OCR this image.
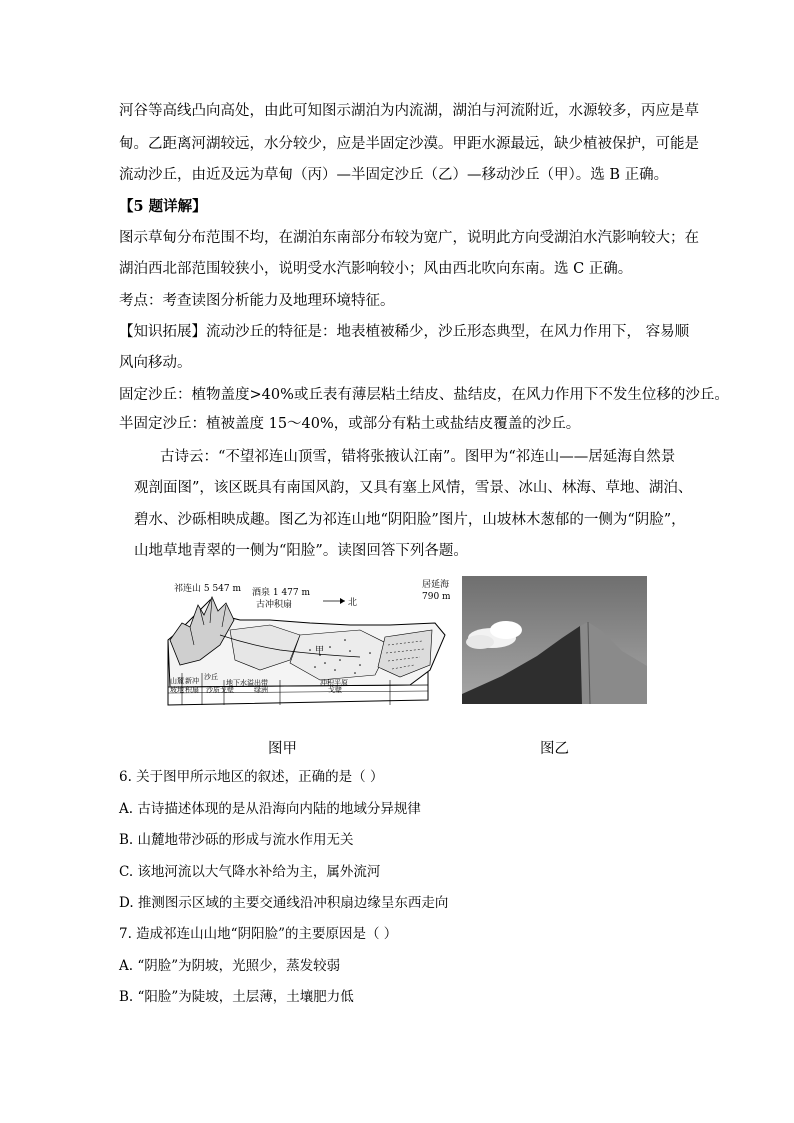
河谷等高线凸向高处，由此可知图示湖泊为内流湖，湖泊与河流附近，水源较多，丙应是草
甸。乙距离河湖较远，水分较少，应是半固定沙漠。甲距水源最远，缺少植被保护，可能是
流动沙丘，由近及远为草甸（丙）—半固定沙丘（乙）—移动沙丘（甲）。选 B 正确。
【5 题详解】
图示草甸分布范围不均，在湖泊东南部分布较为宽广，说明此方向受湖泊水汽影响较大；在
湖泊西北部范围较狭小，说明受水汽影响较小；风由西北吹向东南。选 C 正确。
考点：考查读图分析能力及地理环境特征。
【知识拓展】流动沙丘的特征是：地表植被稀少，沙丘形态典型，在风力作用下， 容易顺
风向移动。
固定沙丘：植物盖度>40%或丘表有薄层粘土结皮、盐结皮，在风力作用下不发生位移的沙丘。
半固定沙丘：植被盖度 15～40%，或部分有粘土或盐结皮覆盖的沙丘。
古诗云：“不望祁连山顶雪，错将张掖认江南”。图甲为“祁连山——居延海自然景
观剖面图”，该区既具有南国风韵，又具有塞上风情，雪景、冰山、林海、草地、湖泊、
碧水、沙砾相映成趣。图乙为祁连山地“阴阳脸”图片，山坡林木葱郁的一侧为“阴脸”，
山地草地青翠的一侧为“阳脸”。读图回答下列各题。
祁连山 5 547 m 酒泉 1 477 m
古冲积扇	北
居延海
790 m
甲
沙丘
山麓
坡地
新冲
积扇
地下水溢出带
沙质戈壁	绿洲
冲积平原
戈壁
图甲	图乙
6. 关于图甲所示地区的叙述，正确的是（ ）
A. 古诗描述体现的是从沿海向内陆的地域分异规律
B. 山麓地带沙砾的形成与流水作用无关
C. 该地河流以大气降水补给为主，属外流河
D. 推测图示区域的主要交通线沿冲积扇边缘呈东西走向
7. 造成祁连山山地“阴阳脸”的主要原因是（ ）
A. “阴脸”为阴坡，光照少，蒸发较弱
B. “阳脸”为陡坡，土层薄，土壤肥力低
